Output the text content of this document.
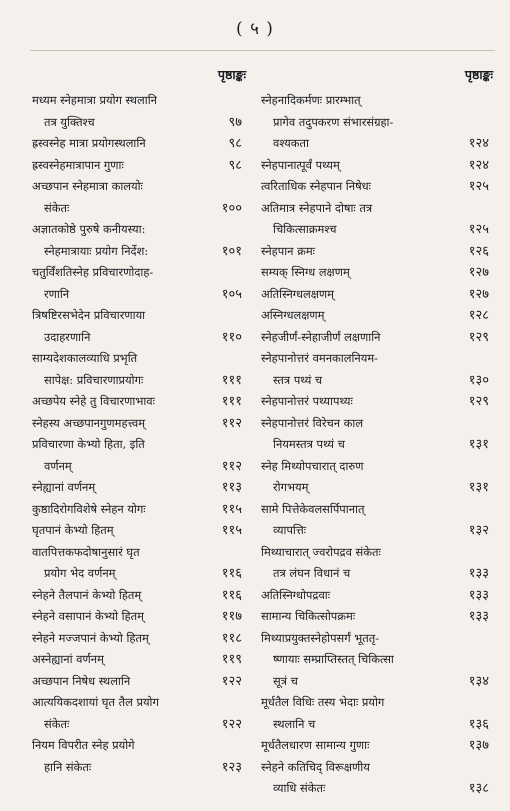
( ५ )
पृष्ठाङ्कः
मध्यम स्नेहमात्रा प्रयोग स्थलानि
तत्र युक्तिश्च	९७
ह्रस्वस्नेह मात्रा प्रयोगस्थलानि	९८
ह्रस्वस्नेहमात्रापान गुणाः	९८
अच्छपान स्नेहमात्रा कालयोः
संकेतः	१००
अज्ञातकोष्ठे पुरुषे कनीयस्या:
स्नेहमात्रायाः प्रयोग निर्देश:	१०१
चतुर्विंशतिस्नेह प्रविचारणोदाह-
रणानि	१०५
त्रिषष्टिरसभेदेन प्रविचारणाया
उदाहरणानि	११०
साम्यदेशकालव्याधि प्रभृति
सापेक्ष: प्रविचारणाप्रयोगः	१११
अच्छपेय स्नेहे तु विचारणाभावः	१११
स्नेहस्य अच्छपानगुणमहत्त्वम्	११२
प्रविचारणा केभ्यो हिता, इति
वर्णनम्	११२
स्नेह्यानां वर्णनम्	११३
कुष्ठादिरोगविशेषे स्नेहन योगः	११५
घृतपानं केभ्यो हितम्	११५
वातपित्तकफदोषानुसारं घृत
प्रयोग भेद वर्णनम्	११६
स्नेहने तैलपानं केभ्यो हितम्	११६
स्नेहने वसापानं केभ्यो हितम्	११७
स्नेहने मज्जपानं केभ्यो हितम्	११८
अस्नेह्यानां वर्णनम्	११९
अच्छपान निषेध स्थलानि	१२२
आत्ययिकदशायां घृत तैल प्रयोग
संकेतः	१२२
नियम विपरीत स्नेह प्रयोगे
हानि संकेतः	१२३
पृष्ठाङ्कः
स्नेहनादिकर्मणः प्रारम्भात्
प्रागेव तदुपकरण संभारसंग्रहा-
वश्यकता	१२४
स्नेहपानात्पूर्वं पथ्यम्	१२४
त्वरिताधिक स्नेहपान निषेधः	१२५
अतिमात्र स्नेहपाने दोषाः तत्र
चिकित्साक्रमश्च	१२५
स्नेहपान क्रमः	१२६
सम्यक् स्निग्ध लक्षणम्	१२७
अतिस्निग्धलक्षणम्	१२७
अस्निग्धलक्षणम्	१२८
स्नेहजीर्णं-स्नेहाजीर्णं लक्षणानि	१२९
स्नेहपानोत्तरं वमनकालनियम-
स्तत्र पथ्यं च	१३०
स्नेहपानोत्तरं पथ्यापथ्यः	१२९
स्नेहपानोत्तरं विरेचन काल
नियमस्तत्र पथ्यं च	१३१
स्नेह मिथ्योपचारात् दारुण
रोगभयम्	१३१
सामे पित्तेकेवलसर्पिपानात्
व्यापत्तिः	१३२
मिथ्याचारात् ज्वरोपद्रव संकेतः
तत्र लंघन विधानं च	१३३
अतिस्निग्धोपद्रवाः	१३३
सामान्य चिकित्सोपक्रमः	१३३
मिथ्याप्रयुक्तस्नेहोपसर्गं भूततृ-
ष्णायाः सम्प्राप्तिस्तत् चिकित्सा
सूत्रं च	१३४
मूर्धतैल विधिः तस्य भेदाः प्रयोग
स्थलानि च	१३६
मूर्धतैलधारण सामान्य गुणाः	१३७
स्नेहने कतिचिद् विरूक्षणीय
व्याधि संकेतः	१३८
